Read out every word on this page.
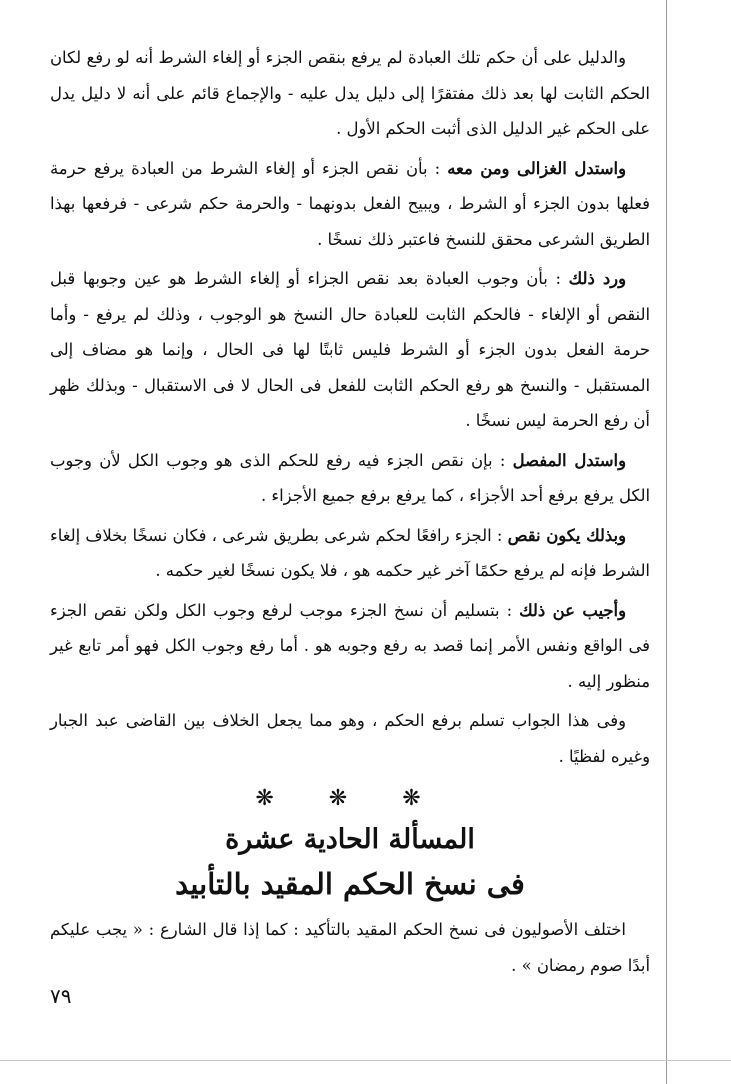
والدليل على أن حكم تلك العبادة لم يرفع بنقص الجزء أو إلغاء الشرط أنه لو رفع لكان الحكم الثابت لها بعد ذلك مفتقرًا إلى دليل يدل عليه - والإجماع قائم على أنه لا دليل يدل على الحكم غير الدليل الذى أثبت الحكم الأول .

واستدل الغزالى ومن معه : بأن نقص الجزء أو إلغاء الشرط من العبادة يرفع حرمة فعلها بدون الجزء أو الشرط ، ويبيح الفعل بدونهما - والحرمة حكم شرعى - فرفعها بهذا الطريق الشرعى محقق للنسخ فاعتبر ذلك نسخًا .

ورد ذلك : بأن وجوب العبادة بعد نقص الجزاء أو إلغاء الشرط هو عين وجوبها قبل النقص أو الإلغاء - فالحكم الثابت للعبادة حال النسخ هو الوجوب ، وذلك لم يرفع - وأما حرمة الفعل بدون الجزء أو الشرط فليس ثابتًا لها فى الحال ، وإنما هو مضاف إلى المستقبل - والنسخ هو رفع الحكم الثابت للفعل فى الحال لا فى الاستقبال - وبذلك ظهر أن رفع الحرمة ليس نسخًا .

واستدل المفصل : بإن نقص الجزء فيه رفع للحكم الذى هو وجوب الكل لأن وجوب الكل يرفع برفع أحد الأجزاء ، كما يرفع برفع جميع الأجزاء .

وبذلك يكون نقص : الجزء رافعًا لحكم شرعى بطريق شرعى ، فكان نسخًا بخلاف إلغاء الشرط فإنه لم يرفع حكمًا آخر غير حكمه هو ، فلا يكون نسخًا لغير حكمه .

وأجيب عن ذلك : بتسليم أن نسخ الجزء موجب لرفع وجوب الكل ولكن نقص الجزء فى الواقع ونفس الأمر إنما قصد به رفع وجوبه هو . أما رفع وجوب الكل فهو أمر تابع غير منظور إليه .

وفى هذا الجواب تسلم برفع الحكم ، وهو مما يجعل الخلاف بين القاضى عبد الجبار وغيره لفظيًا .

❋ ❋ ❋
المسألة الحادية عشرة
فى نسخ الحكم المقيد بالتأبيد

اختلف الأصوليون فى نسخ الحكم المقيد بالتأكيد : كما إذا قال الشارع : « يجب عليكم أبدًا صوم رمضان » .

٧٩
